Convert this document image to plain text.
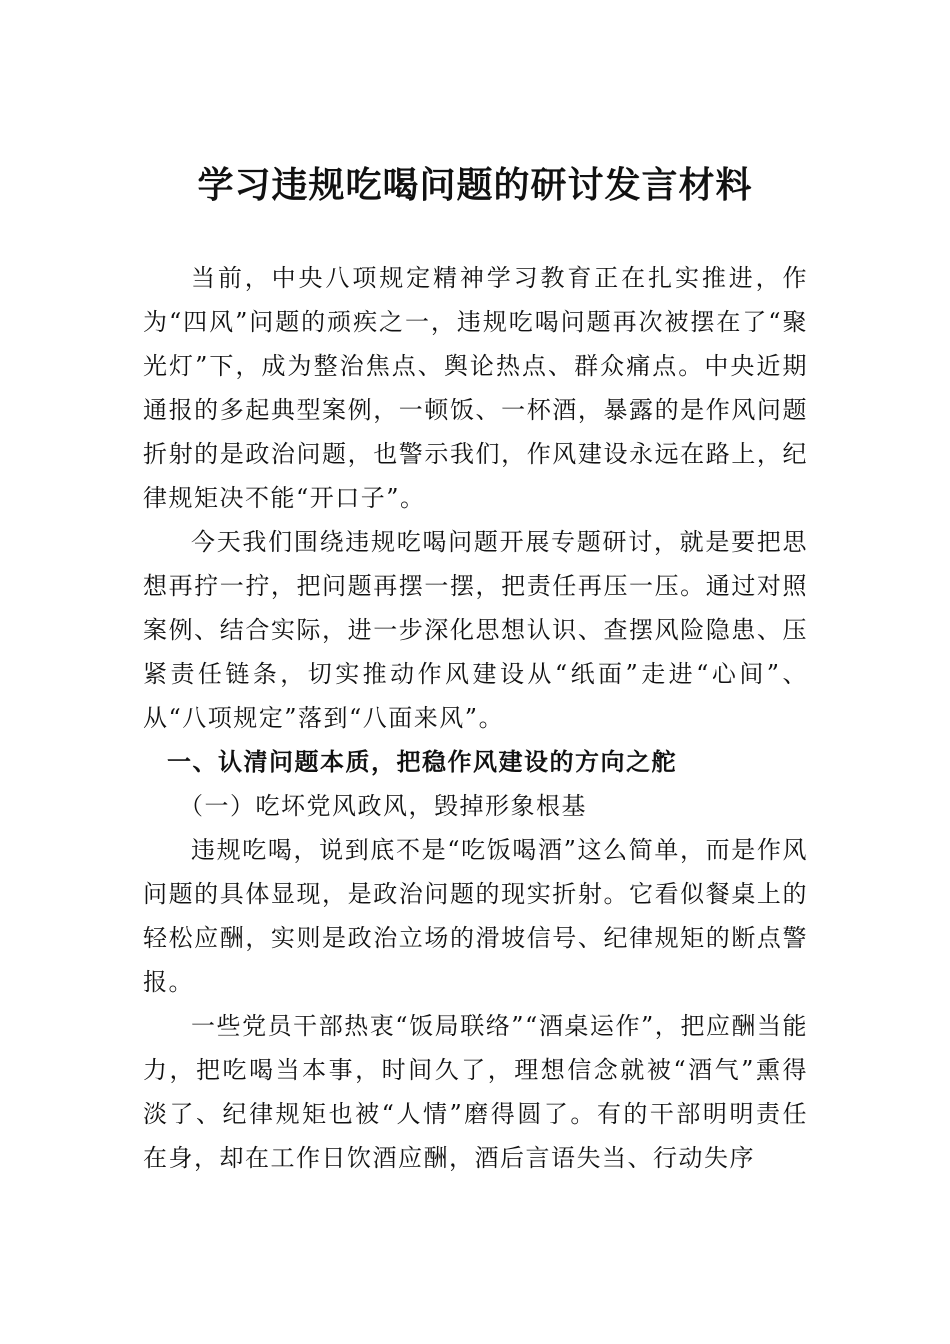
学习违规吃喝问题的研讨发言材料

当前，中央八项规定精神学习教育正在扎实推进，作为“四风”问题的顽疾之一，违规吃喝问题再次被摆在了“聚光灯”下，成为整治焦点、舆论热点、群众痛点。中央近期通报的多起典型案例，一顿饭、一杯酒，暴露的是作风问题折射的是政治问题，也警示我们，作风建设永远在路上，纪律规矩决不能“开口子”。

今天我们围绕违规吃喝问题开展专题研讨，就是要把思想再拧一拧，把问题再摆一摆，把责任再压一压。通过对照案例、结合实际，进一步深化思想认识、查摆风险隐患、压紧责任链条，切实推动作风建设从“纸面”走进“心间”、从“八项规定”落到“八面来风”。

一、认清问题本质，把稳作风建设的方向之舵
（一）吃坏党风政风，毁掉形象根基

违规吃喝，说到底不是“吃饭喝酒”这么简单，而是作风问题的具体显现，是政治问题的现实折射。它看似餐桌上的轻松应酬，实则是政治立场的滑坡信号、纪律规矩的断点警报。

一些党员干部热衷“饭局联络”“酒桌运作”，把应酬当能力，把吃喝当本事，时间久了，理想信念就被“酒气”熏得淡了、纪律规矩也被“人情”磨得圆了。有的干部明明责任在身，却在工作日饮酒应酬，酒后言语失当、行动失序
